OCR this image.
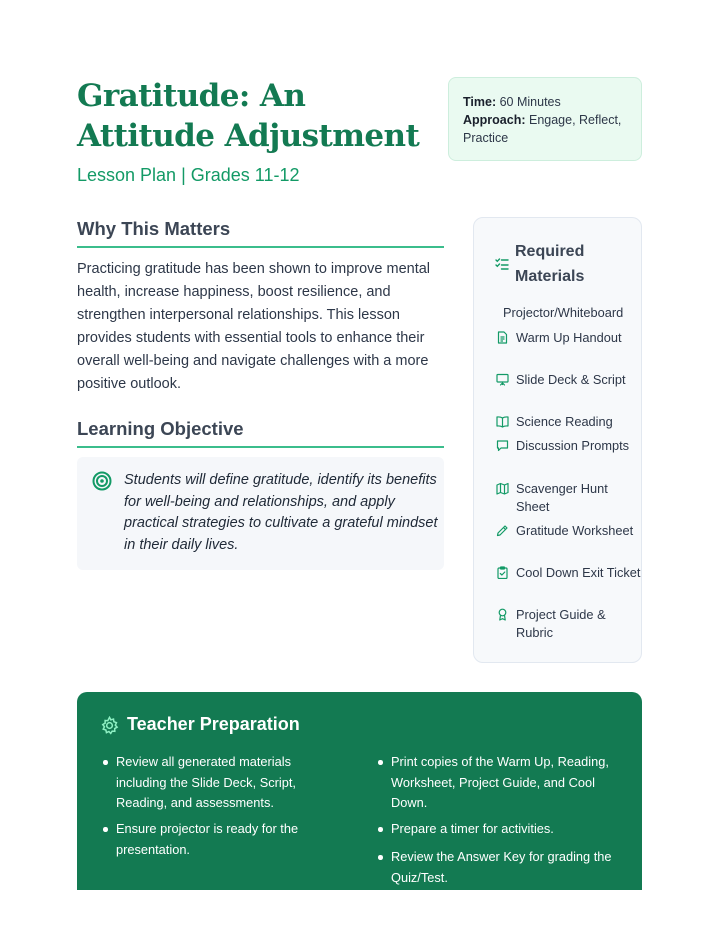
Gratitude: An Attitude Adjustment
Lesson Plan | Grades 11-12
Time: 60 Minutes
Approach: Engage, Reflect, Practice
Why This Matters

Practicing gratitude has been shown to improve mental health, increase happiness, boost resilience, and strengthen interpersonal relationships. This lesson provides students with essential tools to enhance their overall well-being and navigate challenges with a more positive outlook.

Learning Objective

Students will define gratitude, identify its benefits for well-being and relationships, and apply practical strategies to cultivate a grateful mindset in their daily lives.

Required Materials
Projector/Whiteboard
Warm Up Handout
Slide Deck & Script
Science Reading
Discussion Prompts
Scavenger Hunt Sheet
Gratitude Worksheet
Cool Down Exit Ticket
Project Guide & Rubric
Teacher Preparation
Review all generated materials including the Slide Deck, Script, Reading, and assessments.
Ensure projector is ready for the presentation.
Print copies of the Warm Up, Reading, Worksheet, Project Guide, and Cool Down.
Prepare a timer for activities.
Review the Answer Key for grading the Quiz/Test.
